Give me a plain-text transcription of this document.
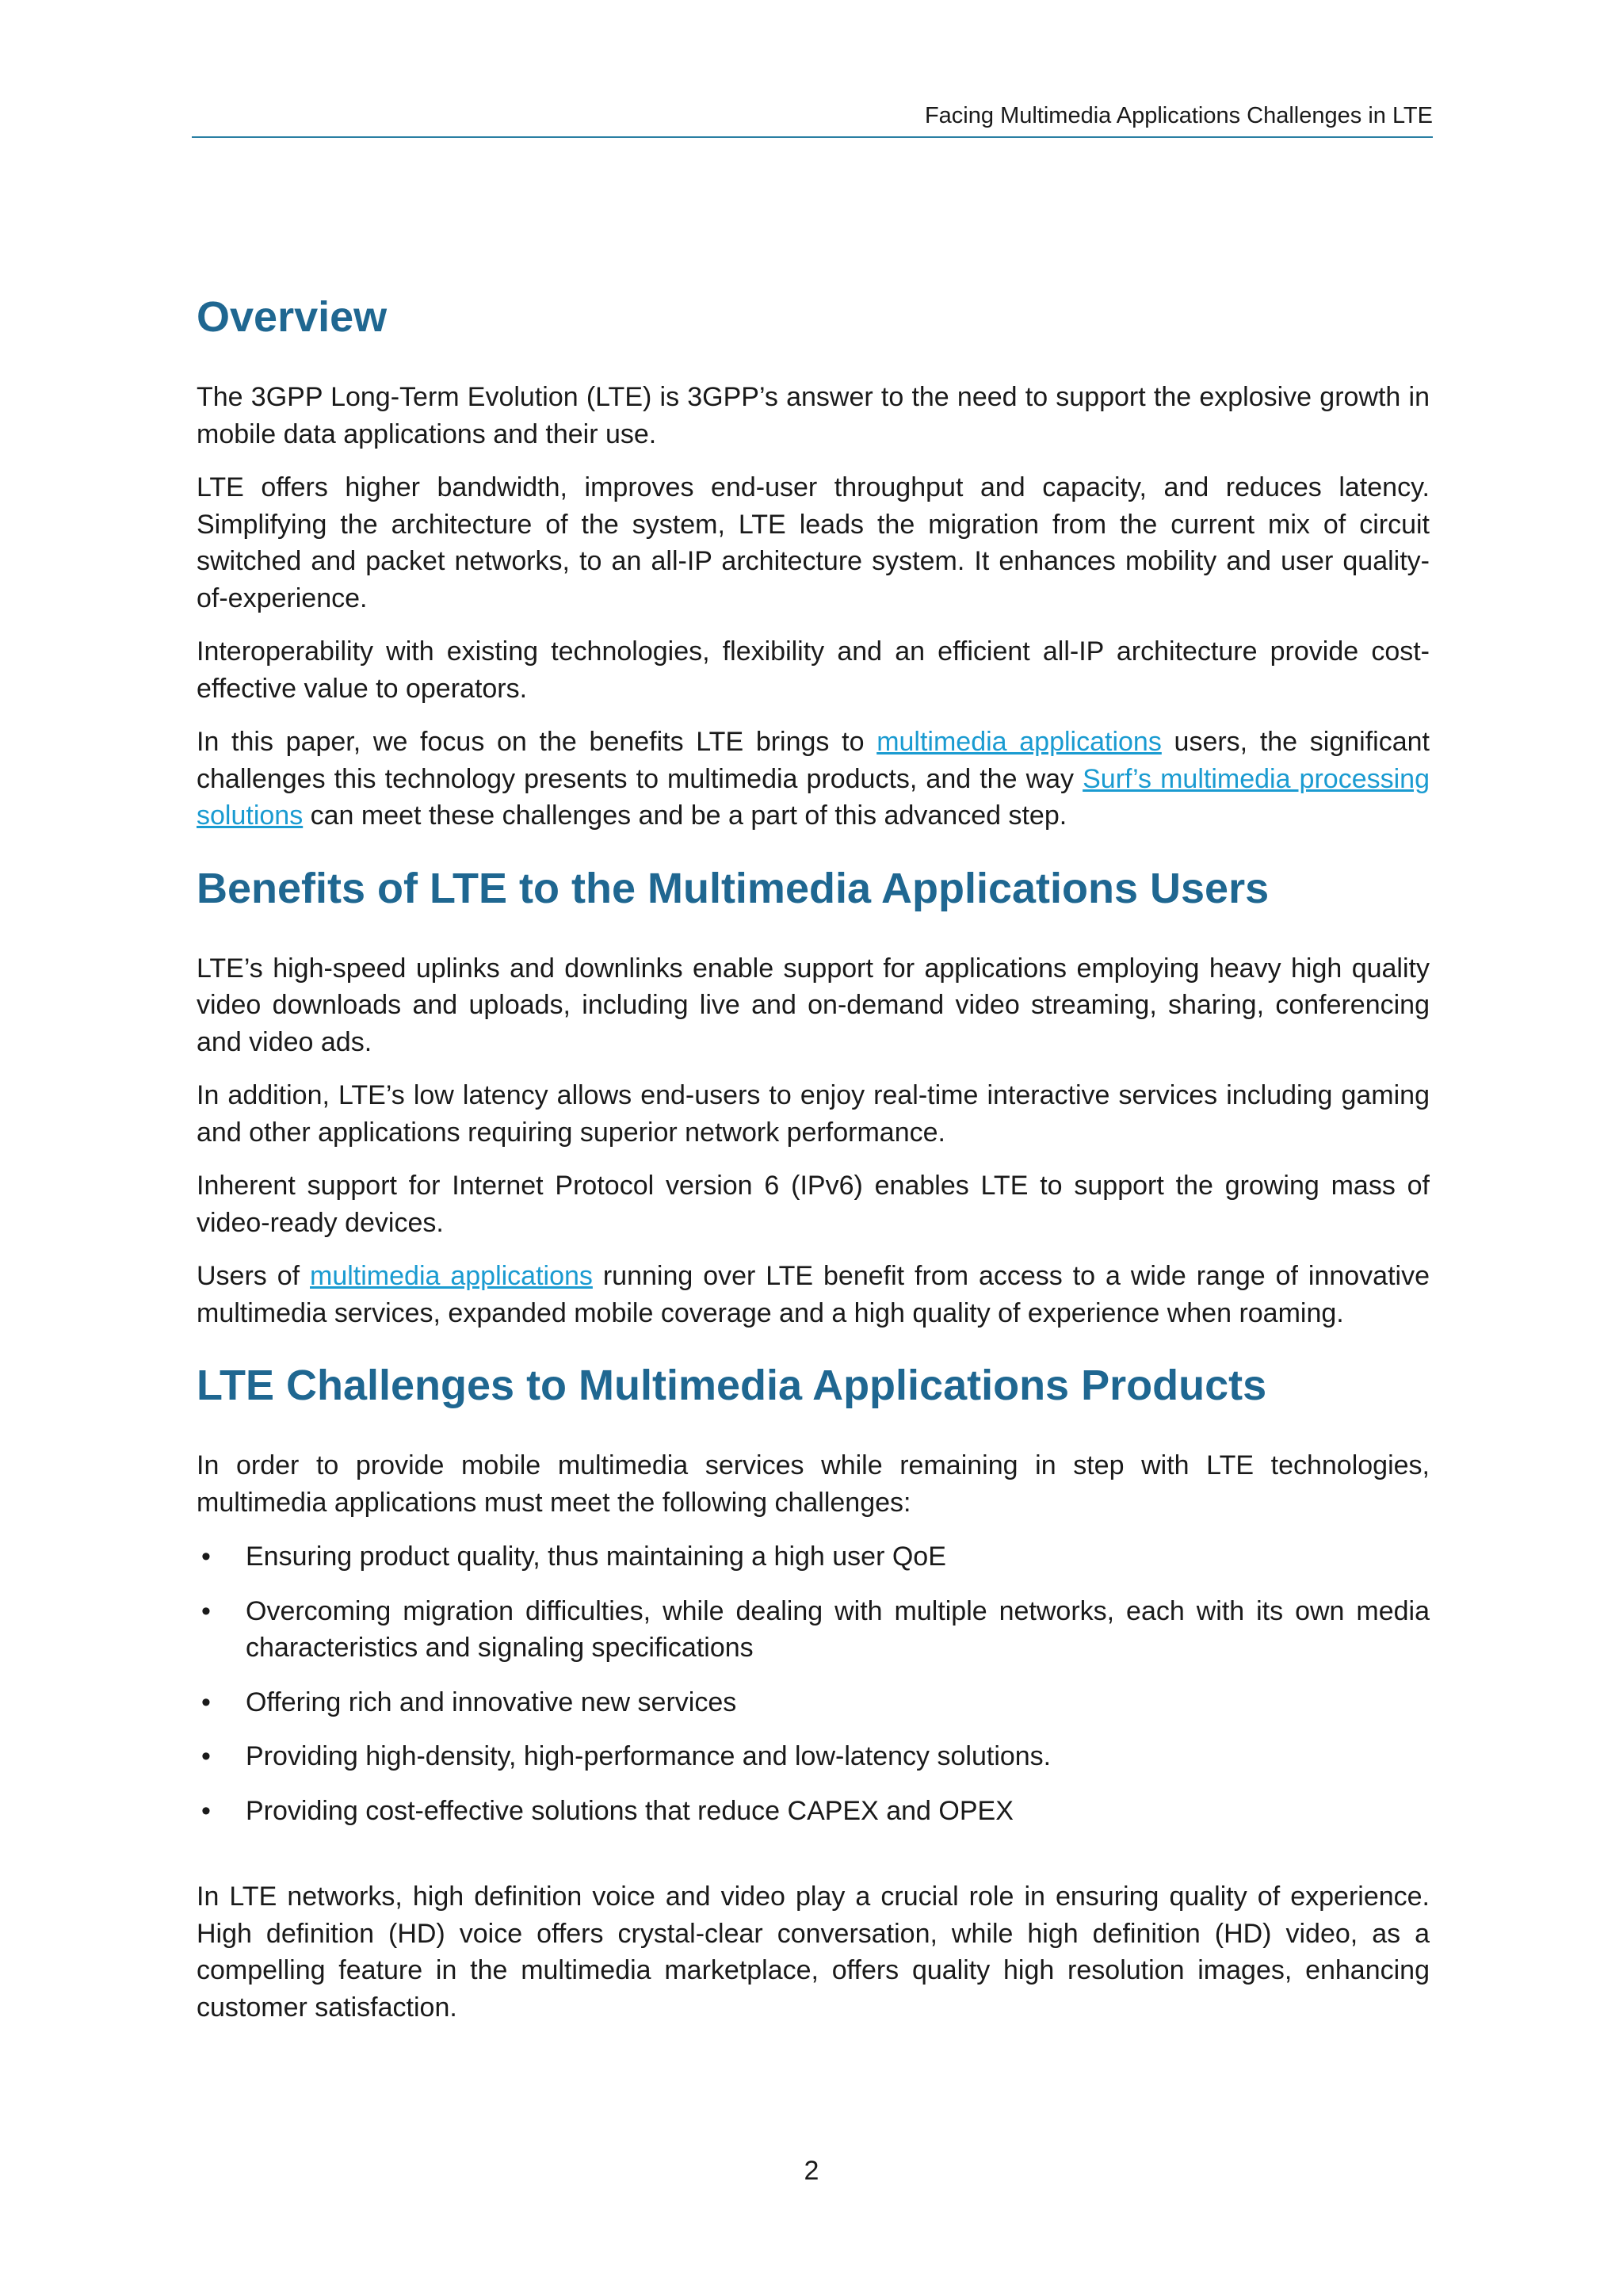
Facing Multimedia Applications Challenges in LTE
Overview

The 3GPP Long-Term Evolution (LTE) is 3GPP’s answer to the need to support the explosive growth in mobile data applications and their use.

LTE offers higher bandwidth, improves end-user throughput and capacity, and reduces latency. Simplifying the architecture of the system, LTE leads the migration from the current mix of circuit switched and packet networks, to an all-IP architecture system. It enhances mobility and user quality-of-experience.

Interoperability with existing technologies, flexibility and an efficient all-IP architecture provide cost-effective value to operators.

In this paper, we focus on the benefits LTE brings to multimedia applications users, the significant challenges this technology presents to multimedia products, and the way Surf’s multimedia processing solutions can meet these challenges and be a part of this advanced step.

Benefits of LTE to the Multimedia Applications Users

LTE’s high-speed uplinks and downlinks enable support for applications employing heavy high quality video downloads and uploads, including live and on-demand video streaming, sharing, conferencing and video ads.

In addition, LTE’s low latency allows end-users to enjoy real-time interactive services including gaming and other applications requiring superior network performance.

Inherent support for Internet Protocol version 6 (IPv6) enables LTE to support the growing mass of video-ready devices.

Users of multimedia applications running over LTE benefit from access to a wide range of innovative multimedia services, expanded mobile coverage and a high quality of experience when roaming.

LTE Challenges to Multimedia Applications Products

In order to provide mobile multimedia services while remaining in step with LTE technologies, multimedia applications must meet the following challenges:

• Ensuring product quality, thus maintaining a high user QoE
• Overcoming migration difficulties, while dealing with multiple networks, each with its own media characteristics and signaling specifications
• Offering rich and innovative new services
• Providing high-density, high-performance and low-latency solutions.
• Providing cost-effective solutions that reduce CAPEX and OPEX

In LTE networks, high definition voice and video play a crucial role in ensuring quality of experience. High definition (HD) voice offers crystal-clear conversation, while high definition (HD) video, as a compelling feature in the multimedia marketplace, offers quality high resolution images, enhancing customer satisfaction.

2
